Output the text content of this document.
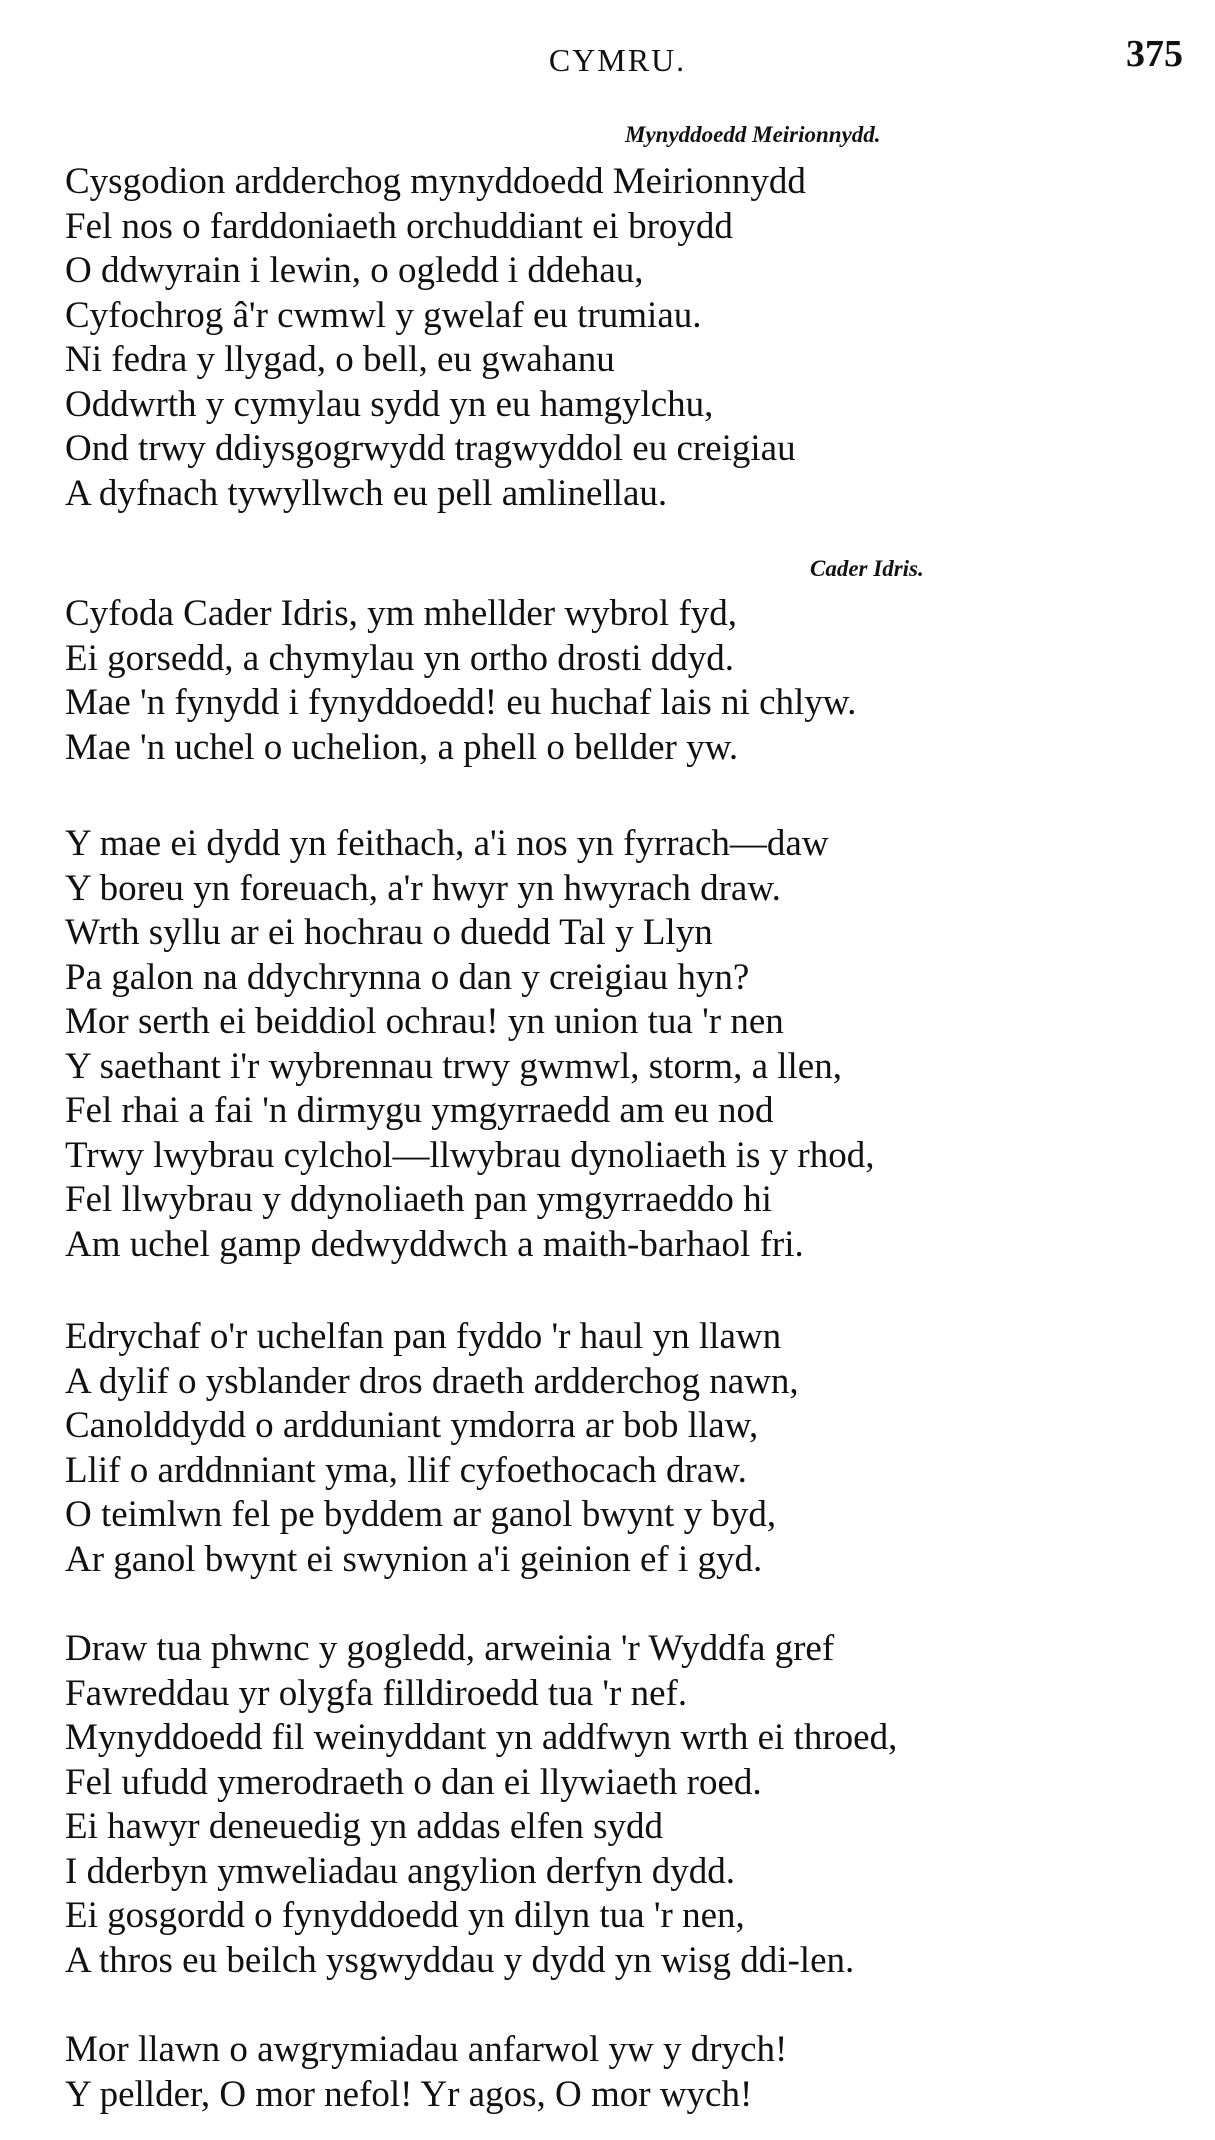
CYMRU.	375
Mynyddoedd Meirionnydd.
Cysgodion ardderchog mynyddoedd Meirionnydd
Fel nos o farddoniaeth orchuddiant ei broydd
O ddwyrain i lewin, o ogledd i ddehau,
Cyfochrog â'r cwmwl y gwelaf eu trumiau.
Ni fedra y llygad, o bell, eu gwahanu
Oddwrth y cymylau sydd yn eu hamgylchu,
Ond trwy ddiysgogrwydd tragwyddol eu creigiau
A dyfnach tywyllwch eu pell amlinellau.
Cader Idris.
Cyfoda Cader Idris, ym mhellder wybrol fyd,
Ei gorsedd, a chymylau yn ortho drosti ddyd.
Mae 'n fynydd i fynyddoedd! eu huchaf lais ni chlyw.
Mae 'n uchel o uchelion, a phell o bellder yw.
Y mae ei dydd yn feithach, a'i nos yn fyrrach—daw
Y boreu yn foreuach, a'r hwyr yn hwyrach draw.
Wrth syllu ar ei hochrau o duedd Tal y Llyn
Pa galon na ddychrynna o dan y creigiau hyn?
Mor serth ei beiddiol ochrau! yn union tua 'r nen
Y saethant i'r wybrennau trwy gwmwl, storm, a llen,
Fel rhai a fai 'n dirmygu ymgyrraedd am eu nod
Trwy lwybrau cylchol—llwybrau dynoliaeth is y rhod,
Fel llwybrau y ddynoliaeth pan ymgyrraeddo hi
Am uchel gamp dedwyddwch a maith-barhaol fri.
Edrychaf o'r uchelfan pan fyddo 'r haul yn llawn
A dylif o ysblander dros draeth ardderchog nawn,
Canolddydd o ardduniant ymdorra ar bob llaw,
Llif o arddnniant yma, llif cyfoethocach draw.
O teimlwn fel pe byddem ar ganol bwynt y byd,
Ar ganol bwynt ei swynion a'i geinion ef i gyd.
Draw tua phwnc y gogledd, arweinia 'r Wyddfa gref
Fawreddau yr olygfa filldiroedd tua 'r nef.
Mynyddoedd fil weinyddant yn addfwyn wrth ei throed,
Fel ufudd ymerodraeth o dan ei llywiaeth roed.
Ei hawyr deneuedig yn addas elfen sydd
I dderbyn ymweliadau angylion derfyn dydd.
Ei gosgordd o fynyddoedd yn dilyn tua 'r nen,
A thros eu beilch ysgwyddau y dydd yn wisg ddi-len.
Mor llawn o awgrymiadau anfarwol yw y drych!
Y pellder, O mor nefol! Yr agos, O mor wych!
